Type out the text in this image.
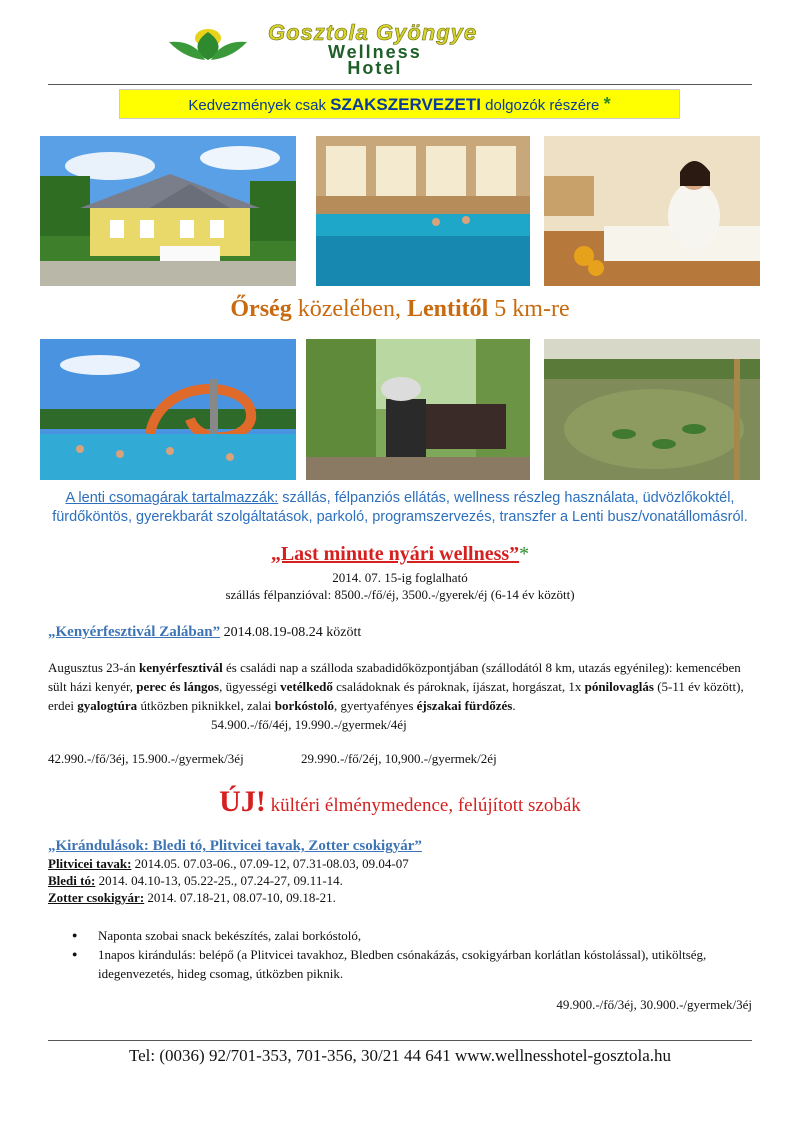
Gosztola Gyöngye
Wellness
Hotel
Kedvezmények csak SZAKSZERVEZETI dolgozók részére *
Őrség közelében, Lentitől 5 km-re
A lenti csomagárak tartalmazzák: szállás, félpanziós ellátás, wellness részleg használata, üdvözlőkoktél, fürdőköntös, gyerekbarát szolgáltatások, parkoló, programszervezés, transzfer a Lenti busz/vonatállomásról.
„Last minute nyári wellness”*
2014. 07. 15-ig foglalható
szállás félpanzióval: 8500.-/fő/éj, 3500.-/gyerek/éj (6-14 év között)
„Kenyérfesztivál Zalában” 2014.08.19-08.24 között
Augusztus 23-án kenyérfesztivál és családi nap a szálloda szabadidőközpontjában (szállodától 8 km, utazás egyénileg): kemencében sült házi kenyér, perec és lángos, ügyességi vetélkedő családoknak és pároknak, íjászat, horgászat, 1x pónilovaglás (5-11 év között), erdei gyalogtúra útközben piknikkel, zalai borkóstoló, gyertyafényes éjszakai fürdőzés.
54.900.-/fő/4éj, 19.990.-/gyermek/4éj
42.990.-/fő/3éj, 15.900.-/gyermek/3éj	29.990.-/fő/2éj, 10,900.-/gyermek/2éj
ÚJ! kültéri élménymedence, felújított szobák
„Kirándulások: Bledi tó, Plitvicei tavak, Zotter csokigyár”
Plitvicei tavak: 2014.05. 07.03-06., 07.09-12, 07.31-08.03, 09.04-07
Bledi tó: 2014. 04.10-13, 05.22-25., 07.24-27, 09.11-14.
Zotter csokigyár: 2014. 07.18-21, 08.07-10, 09.18-21.
● Naponta szobai snack bekészítés, zalai borkóstoló,
● 1napos kirándulás: belépő (a Plitvicei tavakhoz, Bledben csónakázás, csokigyárban korlátlan kóstolással), utiköltség, idegenvezetés, hideg csomag, útközben piknik.
49.900.-/fő/3éj, 30.900.-/gyermek/3éj
Tel: (0036) 92/701-353, 701-356, 30/21 44 641 www.wellnesshotel-gosztola.hu
